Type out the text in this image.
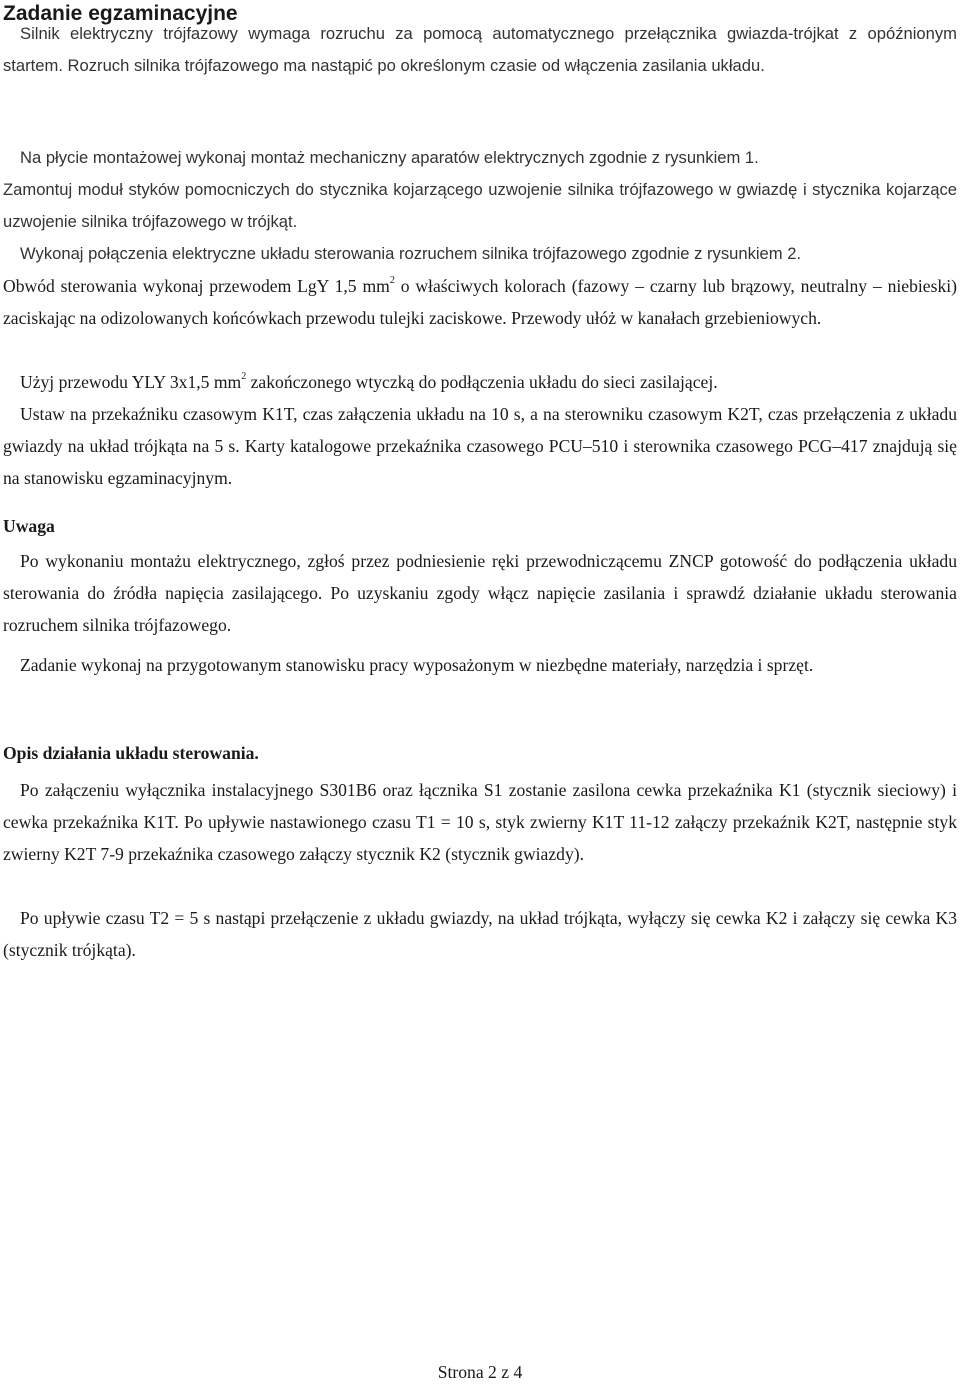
Zadanie egzaminacyjne

Silnik elektryczny trójfazowy wymaga rozruchu za pomocą automatycznego przełącznika gwiazda-trójkat z opóźnionym startem. Rozruch silnika trójfazowego ma nastąpić po określonym czasie od włączenia zasilania układu.

Na płycie montażowej wykonaj montaż mechaniczny aparatów elektrycznych zgodnie z rysunkiem 1.

Zamontuj moduł styków pomocniczych do stycznika kojarzącego uzwojenie silnika trójfazowego w gwiazdę i stycznika kojarzące uzwojenie silnika trójfazowego w trójkąt.

Wykonaj połączenia elektryczne układu sterowania rozruchem silnika trójfazowego zgodnie z rysunkiem 2.

Obwód sterowania wykonaj przewodem LgY 1,5 $mm^2$ o właściwych kolorach (fazowy – czarny lub brązowy, neutralny – niebieski) zaciskając na odizolowanych końcówkach przewodu tulejki zaciskowe. Przewody ułóż w kanałach grzebieniowych.

Użyj przewodu YLY 3x1,5 $mm^2$ zakończonego wtyczką do podłączenia układu do sieci zasilającej.

Ustaw na przekaźniku czasowym K1T, czas załączenia układu na 10 s, a na sterowniku czasowym K2T, czas przełączenia z układu gwiazdy na układ trójkąta na 5 s. Karty katalogowe przekaźnika czasowego PCU–510 i sterownika czasowego PCG–417 znajdują się na stanowisku egzaminacyjnym.

Uwaga

Po wykonaniu montażu elektrycznego, zgłoś przez podniesienie ręki przewodniczącemu ZNCP gotowość do podłączenia układu sterowania do źródła napięcia zasilającego. Po uzyskaniu zgody włącz napięcie zasilania i sprawdź działanie układu sterowania rozruchem silnika trójfazowego.

Zadanie wykonaj na przygotowanym stanowisku pracy wyposażonym w niezbędne materiały, narzędzia i sprzęt.

Opis działania układu sterowania.

Po załączeniu wyłącznika instalacyjnego S301B6 oraz łącznika S1 zostanie zasilona cewka przekaźnika K1 (stycznik sieciowy) i cewka przekaźnika K1T. Po upływie nastawionego czasu T1 = 10 s, styk zwierny K1T 11-12 załączy przekaźnik K2T, następnie styk zwierny K2T 7-9 przekaźnika czasowego załączy stycznik K2 (stycznik gwiazdy).

Po upływie czasu T2 = 5 s nastąpi przełączenie z układu gwiazdy, na układ trójkąta, wyłączy się cewka K2 i załączy się cewka K3 (stycznik trójkąta).

Strona 2 z 4
